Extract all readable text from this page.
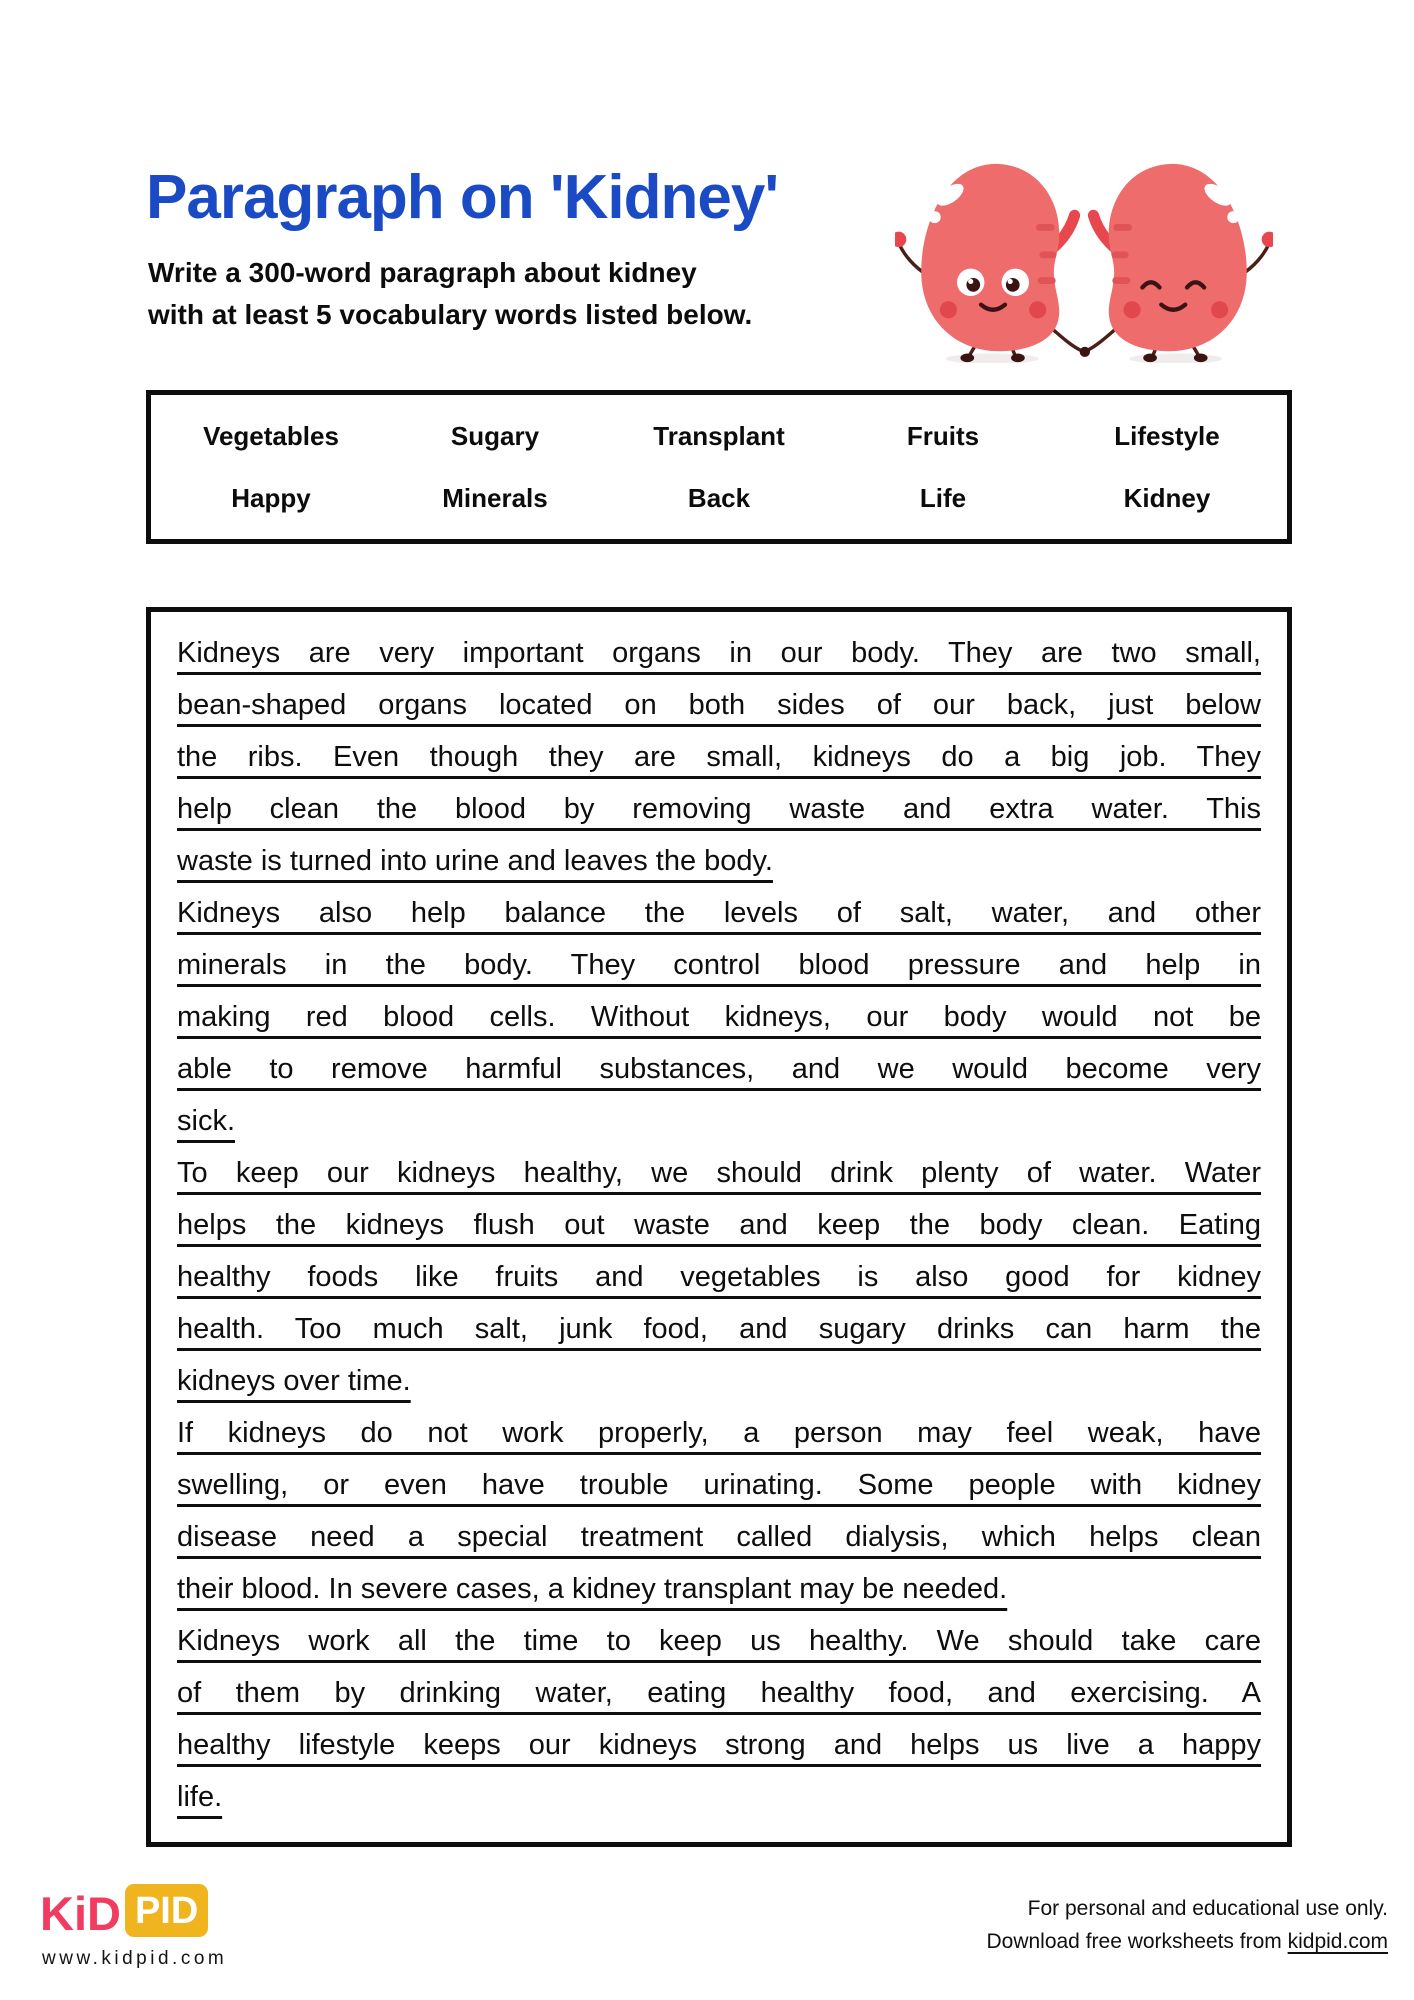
Paragraph on 'Kidney'
Write a 300-word paragraph about kidney
with at least 5 vocabulary words listed below.
Vegetables	Sugary	Transplant	Fruits	Lifestyle
Happy	Minerals	Back	Life	Kidney
Kidneys are very important organs in our body. They are two small,
bean-shaped organs located on both sides of our back, just below
the ribs. Even though they are small, kidneys do a big job. They
help clean the blood by removing waste and extra water. This
waste is turned into urine and leaves the body.
Kidneys also help balance the levels of salt, water, and other
minerals in the body. They control blood pressure and help in
making red blood cells. Without kidneys, our body would not be
able to remove harmful substances, and we would become very
sick.
To keep our kidneys healthy, we should drink plenty of water. Water
helps the kidneys flush out waste and keep the body clean. Eating
healthy foods like fruits and vegetables is also good for kidney
health. Too much salt, junk food, and sugary drinks can harm the
kidneys over time.
If kidneys do not work properly, a person may feel weak, have
swelling, or even have trouble urinating. Some people with kidney
disease need a special treatment called dialysis, which helps clean
their blood. In severe cases, a kidney transplant may be needed.
Kidneys work all the time to keep us healthy. We should take care
of them by drinking water, eating healthy food, and exercising. A
healthy lifestyle keeps our kidneys strong and helps us live a happy
life.
KiD PID
www.kidpid.com
For personal and educational use only.
Download free worksheets from kidpid.com
